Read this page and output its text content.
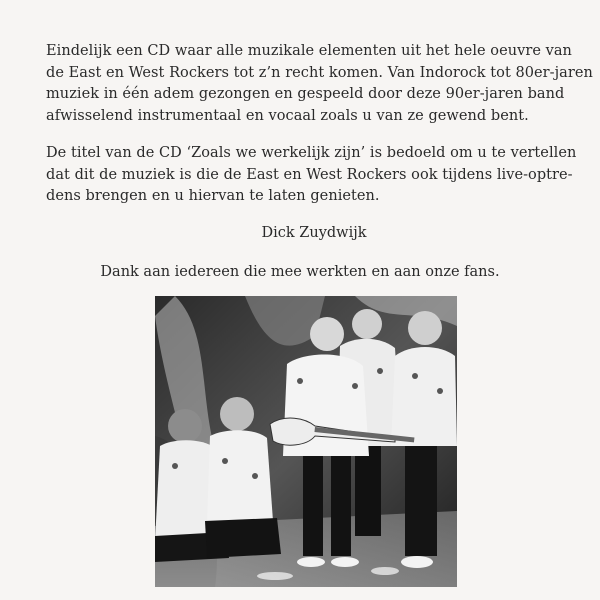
Eindelijk een CD waar alle muzikale elementen uit het hele oeuvre van
de East en West Rockers tot z’n recht komen. Van Indorock tot 80er-jaren
muziek in één adem gezongen en gespeeld door deze 90er-jaren band
afwisselend instrumentaal en vocaal zoals u van ze gewend bent.
De titel van de CD ‘Zoals we werkelijk zijn’ is bedoeld om u te vertellen
dat dit de muziek is die de East en West Rockers ook tijdens live-optre-
dens brengen en u hiervan te laten genieten.

Dick Zuydwijk

Dank aan iedereen die mee werkten en aan onze fans.
